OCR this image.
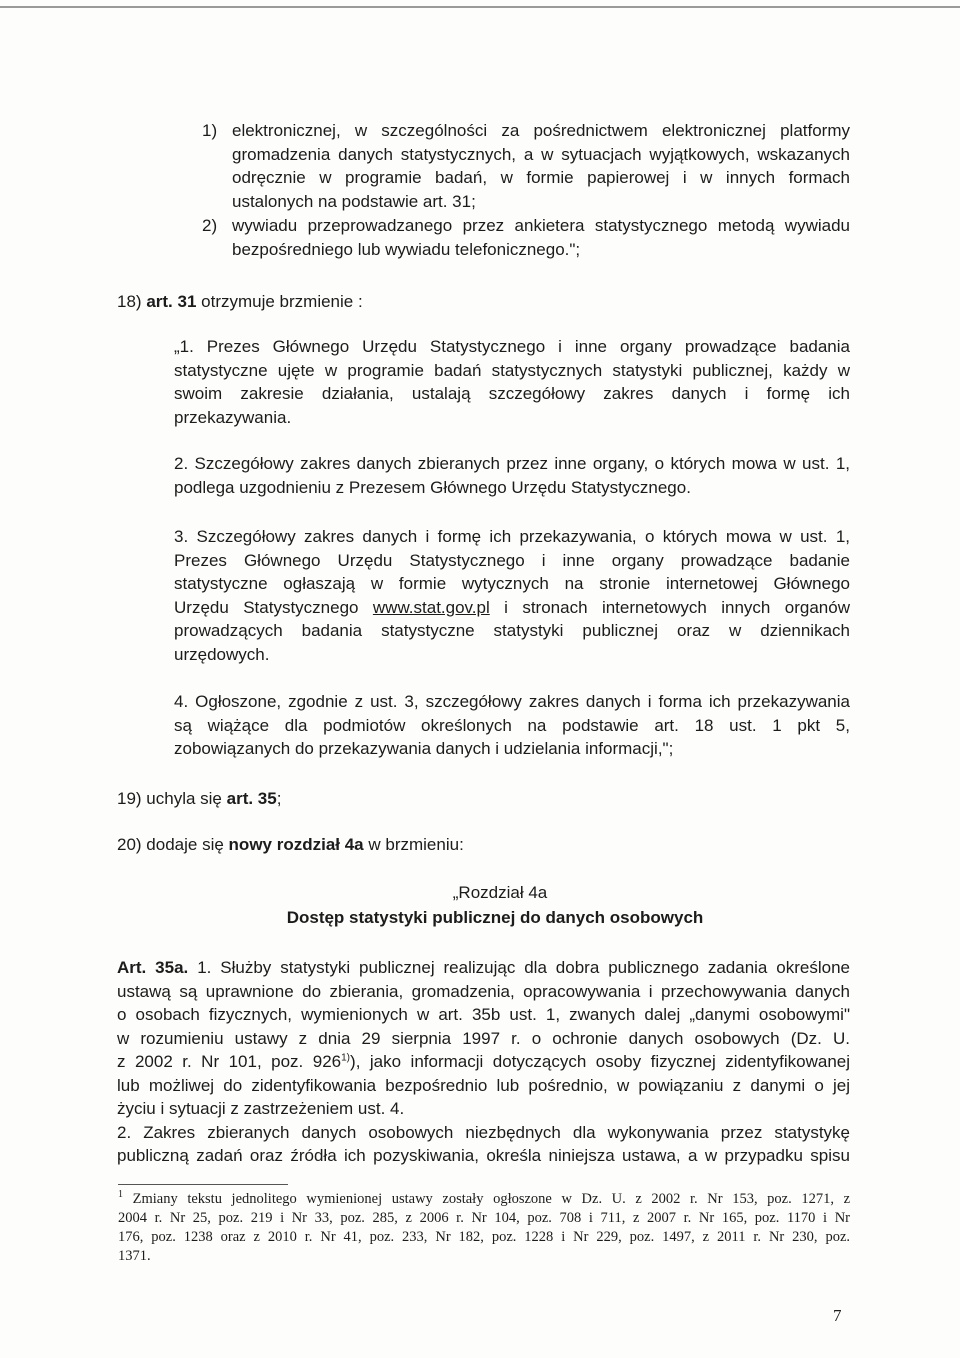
1) elektronicznej, w szczególności za pośrednictwem elektronicznej platformy
gromadzenia danych statystycznych, a w sytuacjach wyjątkowych, wskazanych
odręcznie w programie badań, w formie papierowej i w innych formach
ustalonych na podstawie art. 31;
2) wywiadu przeprowadzanego przez ankietera statystycznego metodą wywiadu
bezpośredniego lub wywiadu telefonicznego.";
18) art. 31 otrzymuje brzmienie :
„1. Prezes Głównego Urzędu Statystycznego i inne organy prowadzące badania
statystyczne ujęte w programie badań statystycznych statystyki publicznej, każdy w
swoim zakresie działania, ustalają szczegółowy zakres danych i formę ich
przekazywania.
2. Szczegółowy zakres danych zbieranych przez inne organy, o których mowa w ust. 1,
podlega uzgodnieniu z Prezesem Głównego Urzędu Statystycznego.
3. Szczegółowy zakres danych i formę ich przekazywania, o których mowa w ust. 1,
Prezes Głównego Urzędu Statystycznego i inne organy prowadzące badanie
statystyczne ogłaszają w formie wytycznych na stronie internetowej Głównego
Urzędu Statystycznego www.stat.gov.pl i stronach internetowych innych organów
prowadzących badania statystyczne statystyki publicznej oraz w dziennikach
urzędowych.
4. Ogłoszone, zgodnie z ust. 3, szczegółowy zakres danych i forma ich przekazywania
są wiążące dla podmiotów określonych na podstawie art. 18 ust. 1 pkt 5,
zobowiązanych do przekazywania danych i udzielania informacji,";
19) uchyla się art. 35;
20) dodaje się nowy rozdział 4a w brzmieniu:
„Rozdział 4a
Dostęp statystyki publicznej do danych osobowych
Art. 35a. 1. Służby statystyki publicznej realizując dla dobra publicznego zadania określone
ustawą są uprawnione do zbierania, gromadzenia, opracowywania i przechowywania danych
o osobach fizycznych, wymienionych w art. 35b ust. 1, zwanych dalej „danymi osobowymi"
w rozumieniu ustawy z dnia 29 sierpnia 1997 r. o ochronie danych osobowych (Dz. U.
z 2002 r. Nr 101, poz. 926$^{1)}$), jako informacji dotyczących osoby fizycznej zidentyfikowanej
lub możliwej do zidentyfikowania bezpośrednio lub pośrednio, w powiązaniu z danymi o jej
życiu i sytuacji z zastrzeżeniem ust. 4.
2. Zakres zbieranych danych osobowych niezbędnych dla wykonywania przez statystykę
publiczną zadań oraz źródła ich pozyskiwania, określa niniejsza ustawa, a w przypadku spisu
$^1$ Zmiany tekstu jednolitego wymienionej ustawy zostały ogłoszone w Dz. U. z 2002 r. Nr 153, poz. 1271, z
2004 r. Nr 25, poz. 219 i Nr 33, poz. 285, z 2006 r. Nr 104, poz. 708 i 711, z 2007 r. Nr 165, poz. 1170 i Nr
176, poz. 1238 oraz z 2010 r. Nr 41, poz. 233, Nr 182, poz. 1228 i Nr 229, poz. 1497, z 2011 r. Nr 230, poz.
1371.
7
